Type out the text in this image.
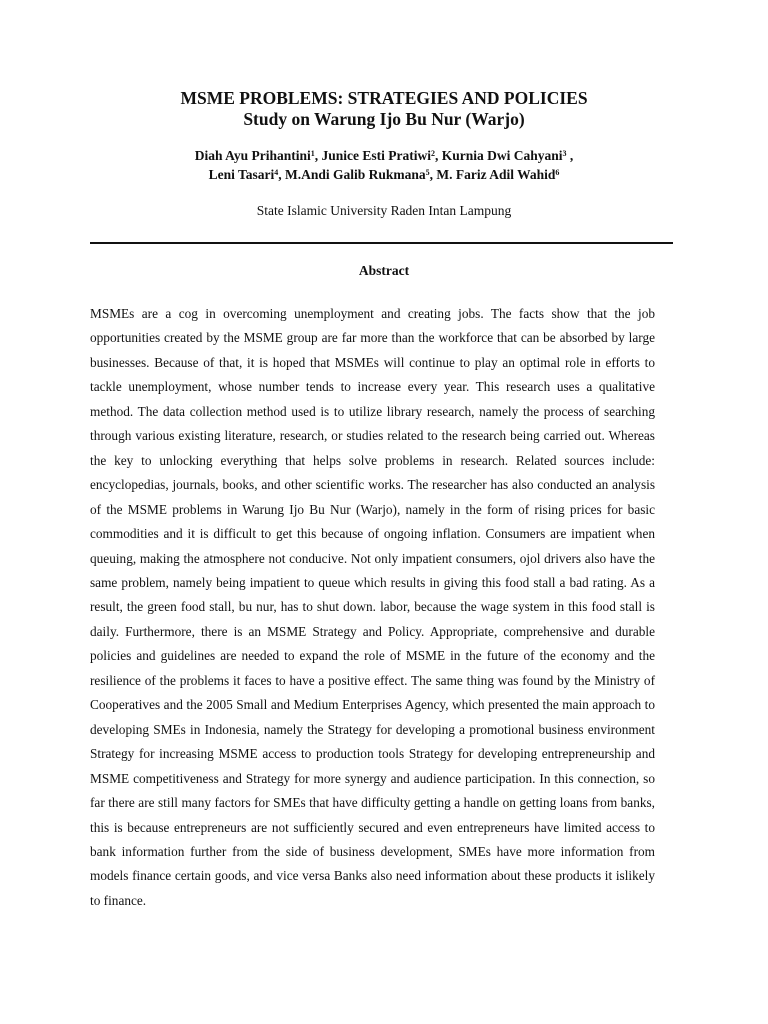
MSME PROBLEMS: STRATEGIES AND POLICIES
Study on Warung Ijo Bu Nur (Warjo)
Diah Ayu Prihantini$^1$, Junice Esti Pratiwi$^2$, Kurnia Dwi Cahyani$^3$ ,
Leni Tasari$^4$, M.Andi Galib Rukmana$^5$, M. Fariz Adil Wahid$^6$
State Islamic University Raden Intan Lampung
Abstract

MSMEs are a cog in overcoming unemployment and creating jobs. The facts show that the job opportunities created by the MSME group are far more than the workforce that can be absorbed by large businesses. Because of that, it is hoped that MSMEs will continue to play an optimal role in efforts to tackle unemployment, whose number tends to increase every year. This research uses a qualitative method. The data collection method used is to utilize library research, namely the process of searching through various existing literature, research, or studies related to the research being carried out. Whereas the key to unlocking everything that helps solve problems in research. Related sources include: encyclopedias, journals, books, and other scientific works. The researcher has also conducted an analysis of the MSME problems in Warung Ijo Bu Nur (Warjo), namely in the form of rising prices for basic commodities and it is difficult to get this because of ongoing inflation. Consumers are impatient when queuing, making the atmosphere not conducive. Not only impatient consumers, ojol drivers also have the same problem, namely being impatient to queue which results in giving this food stall a bad rating. As a result, the green food stall, bu nur, has to shut down. labor, because the wage system in this food stall is daily. Furthermore, there is an MSME Strategy and Policy. Appropriate, comprehensive and durable policies and guidelines are needed to expand the role of MSME in the future of the economy and the resilience of the problems it faces to have a positive effect. The same thing was found by the Ministry of Cooperatives and the 2005 Small and Medium Enterprises Agency, which presented the main approach to developing SMEs in Indonesia, namely the Strategy for developing a promotional business environment Strategy for increasing MSME access to production tools Strategy for developing entrepreneurship and MSME competitiveness and Strategy for more synergy and audience participation. In this connection, so far there are still many factors for SMEs that have difficulty getting a handle on getting loans from banks, this is because entrepreneurs are not sufficiently secured and even entrepreneurs have limited access to bank information further from the side of business development, SMEs have more information from models finance certain goods, and vice versa Banks also need information about these products it islikely to finance.
